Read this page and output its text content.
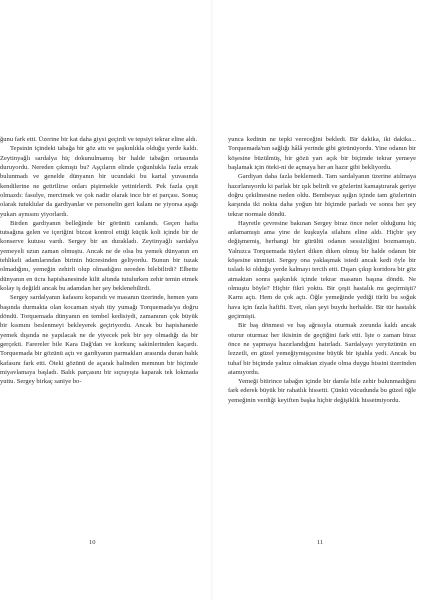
ğunu fark etti. Üzerine bir kat daha giysi geçirdi ve tepsiyi tekrar eline aldı.

Tepsinin içindeki tabağa bir göz attı ve şaşkınlıkla olduğu yerde kaldı. Zeytinyağlı sardalya hiç dokunulmamış bir halde tabağın ortasında duruyordu. Nereden çıkmıştı bu? Aşçıların elinde çoğunlukla fazla erzak bulunmadı ve genelde dünyanın bir ucundaki bu kartal yuvasında kendilerine ne getirilirse onları pişirmekle yetinirlerdi. Pek fazla çeşit olmazdı: fasulye, mercimek ve çok nadir olarak ince bir et parçası. Sonuç olarak tutuklular da gardiyanlar ve personelin geri kalanı ne yiyorsa aşağı yukarı aynısını yiyorlardı.

Birden gardiyanın belleğinde bir görüntü canlandı. Geçen hafta tutsağına gelen ve içeriğini bizzat kontrol ettiği küçük koli içinde bir de konserve kutusu vardı. Sergey bir an durakladı. Zeytinyağlı sardalya yemeyeli uzun zaman olmuştu. Ancak ne de olsa bu yemek dünyanın en tehlikeli adamlarından birinin hücresinden geliyordu. Bunun bir tuzak olmadığını, yemeğin zehirli olup olmadığını nereden bilebilirdi? Elbette dünyanın en ücra hapishanesinde kilit altında tutulurken zehir temin etmek kolay iş değildi ancak bu adamdan her şey beklenebilirdi.

Sergey sardalyanın kafasını koparıdı ve masanın üzerinde, hemen yanı başında durmakta olan kocaman siyah tüy yumağı Torquemada'ya doğru döndü. Torquemada dünyanın en tembel kedisiydi, zamanının çok büyük bir kısmını beslenmeyi bekleyerek geçiriyordu. Ancak bu hapishanede yemek dışında ne yapılacak ne de yiyecek pek bir şey olmadığı da bir gerçekti. Farereler bile Kara Dağ'dan ve korkunç sakinlerinden kaçardı. Torquemada bir gözünü açtı ve gardiyanın parmakları arasında duran balık kafasını fark etti. Öteki gözünü de açarak halinden memnun bir biçimde miyavlamaya başladı. Balık parçasını bir sıçrayışta kaparak tek lokmada yuttu. Sergey birkaç saniye bo-

10

yunca kedinin ne tepki vereceğini bekledi. Bir dakika, iki dakika... Torquemada'nın sağlığı hâlâ yerinde gibi görünüyordu. Yine odanın bir köşesine büzülmüş, bir gözü yarı açık bir biçimde tekrar yemeye başlamak için öteki-ni de açmaya her an hazır gibi bekliyordu.

Gardiyan daha fazla beklemedi. Tam sardalyanın üzerine atılmaya hazırlanıyordu ki parlak bir ışık belirdi ve gözlerini kamaştırarak geriye doğru çekilmesine neden oldu. Bembeyaz ışığın içinde tam gözlerinin karşında iki nokta daha yoğun bir biçimde parladı ve sonra her şey tekrar normale döndü.

Hayretle çevresine bakınan Sergey biraz önce neler olduğunu hiç anlamamıştı ama yine de kuşkuyla silahını eline aldı. Hiçbir şey değişmemiş, herhangi bir gürültü odanın sessizliğini bozmamıştı. Yalnızca Torquemada tüyleri diken diken olmuş bir halde odanın bir köşesine sinmişti. Sergey ona yaklaşmak istedi ancak kedi öyle bir tısladı ki olduğu yerde kalmayı tercih etti. Dışarı çıkıp koridora bir göz atmaktan sonra şaşkınlık içinde tekrar masanın başına döndü. Ne olmuştu böyle? Hiçbir fikri yoktu. Bir çeşit hastalık mı geçirmişti? Karnı açtı. Hem de çok açtı. Öğle yemeğinde yediği türlü bu soğuk hava için fazla hafifti. Evet, olan şeyi buydu herhalde. Bir tür hastalık geçirmişti.

Bir baş dönmesi ve baş ağrısıyla oturmak zorunda kaldı ancak oturur oturmaz her ikisinin de geçtiğini fark etti. İşte o zaman biraz önce ne yapmaya hazırlandığını hatırladı. Sardalyayı yeryüzünün en lezzetli, en güzel yemeğiymişçesine büyük bir iştahla yedi. Ancak bu tuhaf bir biçimde yalnız olmaktan ziyade olma duygu hissini üzerinden atamıyordu.

Yemeği bitirince tabağın içinde bir damla bile zehir bulunmadığını fark ederek büyük bir rahatlık hissetti. Çünkü vücudunda bu güzel öğle yemeğinin verdiği keyiften başka hiçbir değişiklik hissetmiyordu.

11
